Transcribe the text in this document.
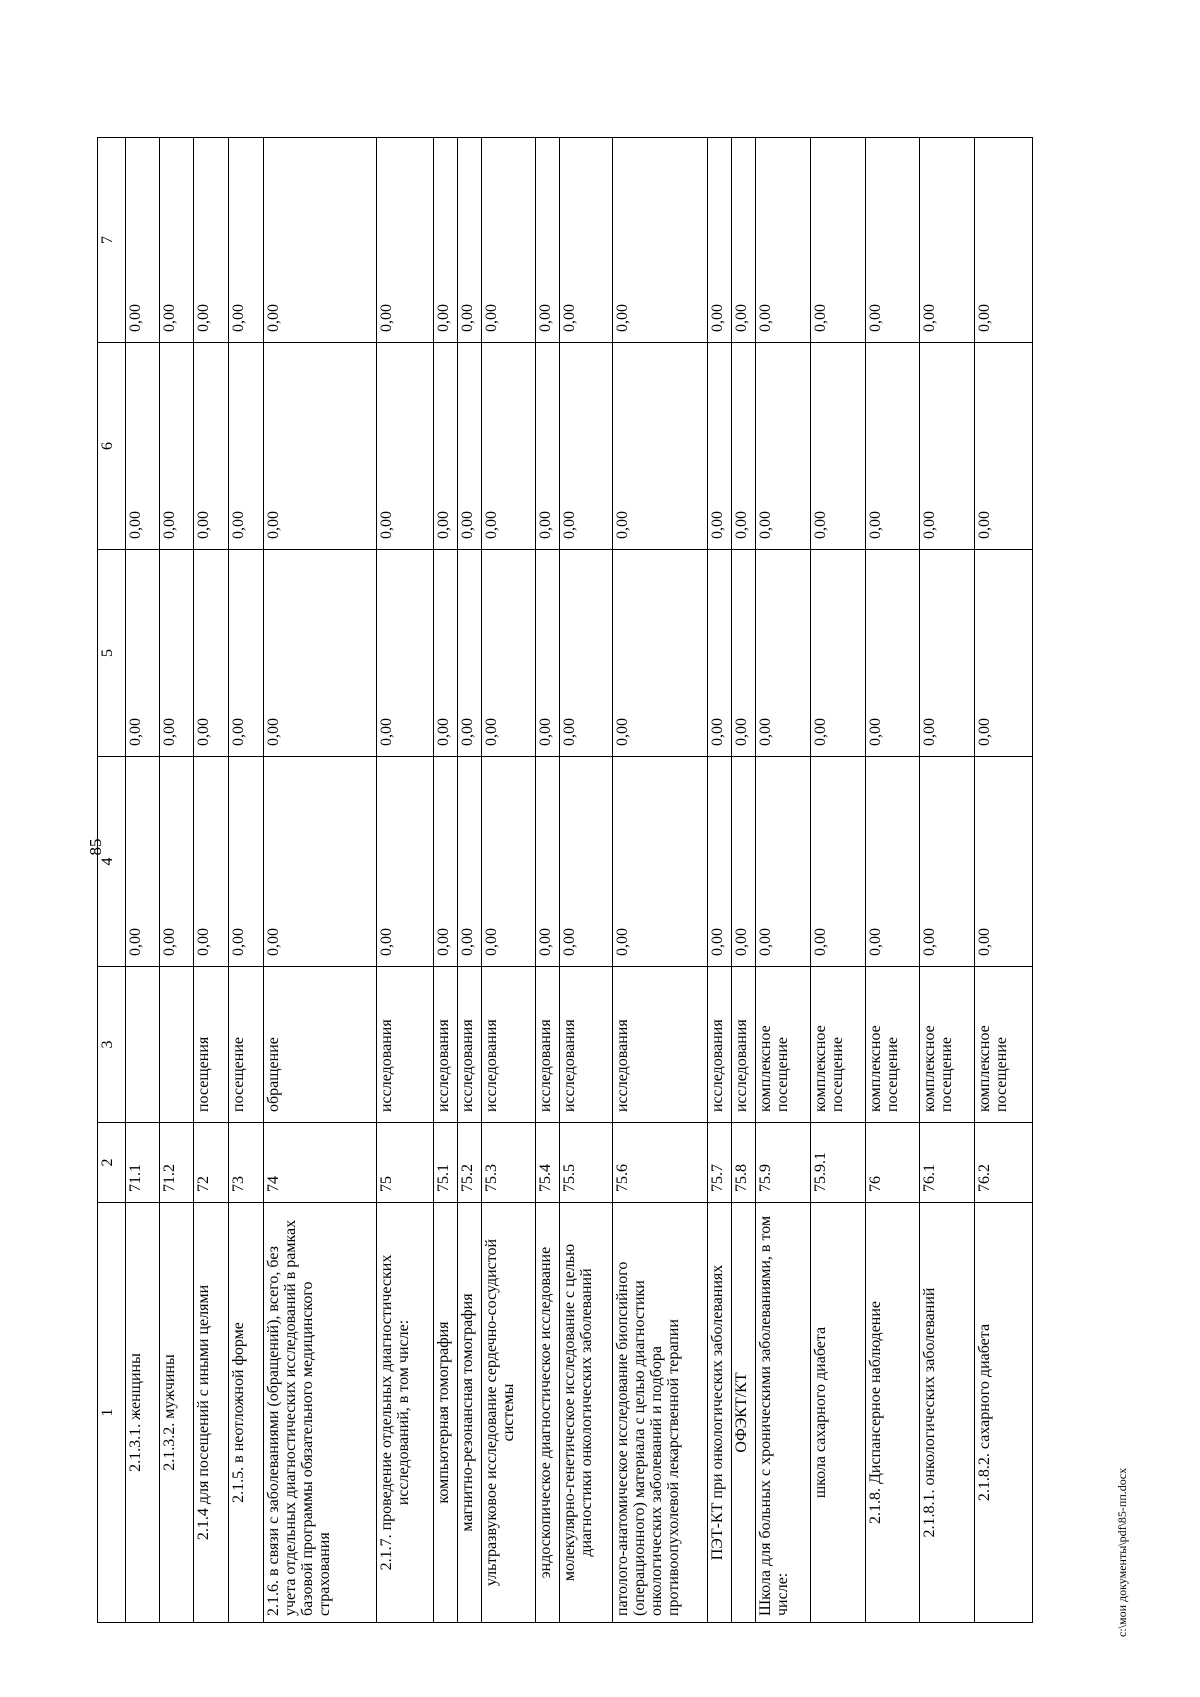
85
1	2	3	4	5	6	7
2.1.3.1. женщины	71.1		0,00	0,00	0,00	0,00
2.1.3.2. мужчины	71.2		0,00	0,00	0,00	0,00
2.1.4 для посещений с иными целями	72	посещения	0,00	0,00	0,00	0,00
2.1.5. в неотложной форме	73	посещение	0,00	0,00	0,00	0,00
2.1.6. в связи с заболеваниями (обращений), всего, без учета отдельных диагностических исследований в рамках базовой программы обязательного медицинского страхования	74	обращение	0,00	0,00	0,00	0,00
2.1.7. проведение отдельных диагностических исследований, в том числе:	75	исследования	0,00	0,00	0,00	0,00
компьютерная томография	75.1	исследования	0,00	0,00	0,00	0,00
магнитно-резонансная томография	75.2	исследования	0,00	0,00	0,00	0,00
ультразвуковое исследование сердечно-сосудистой системы	75.3	исследования	0,00	0,00	0,00	0,00
эндоскопическое диагностическое исследование	75.4	исследования	0,00	0,00	0,00	0,00
молекулярно-генетическое исследование с целью диагностики онкологических заболеваний	75.5	исследования	0,00	0,00	0,00	0,00
патолого-анатомическое исследование биопсийного (операционного) материала с целью диагностики онкологических заболеваний и подбора противоопухолевой лекарственной терапии	75.6	исследования	0,00	0,00	0,00	0,00
ПЭТ-КТ при онкологических заболеваниях	75.7	исследования	0,00	0,00	0,00	0,00
ОФЭКТ/КТ	75.8	исследования	0,00	0,00	0,00	0,00
Школа для больных с хроническими заболеваниями, в том числе:	75.9	комплексное посещение	0,00	0,00	0,00	0,00
школа сахарного диабета	75.9.1	комплексное посещение	0,00	0,00	0,00	0,00
2.1.8. Диспансерное наблюдение	76	комплексное посещение	0,00	0,00	0,00	0,00
2.1.8.1. онкологических заболеваний	76.1	комплексное посещение	0,00	0,00	0,00	0,00
2.1.8.2. сахарного диабета	76.2	комплексное посещение	0,00	0,00	0,00	0,00
c:\мои документы\pdf\85-пп.docx
